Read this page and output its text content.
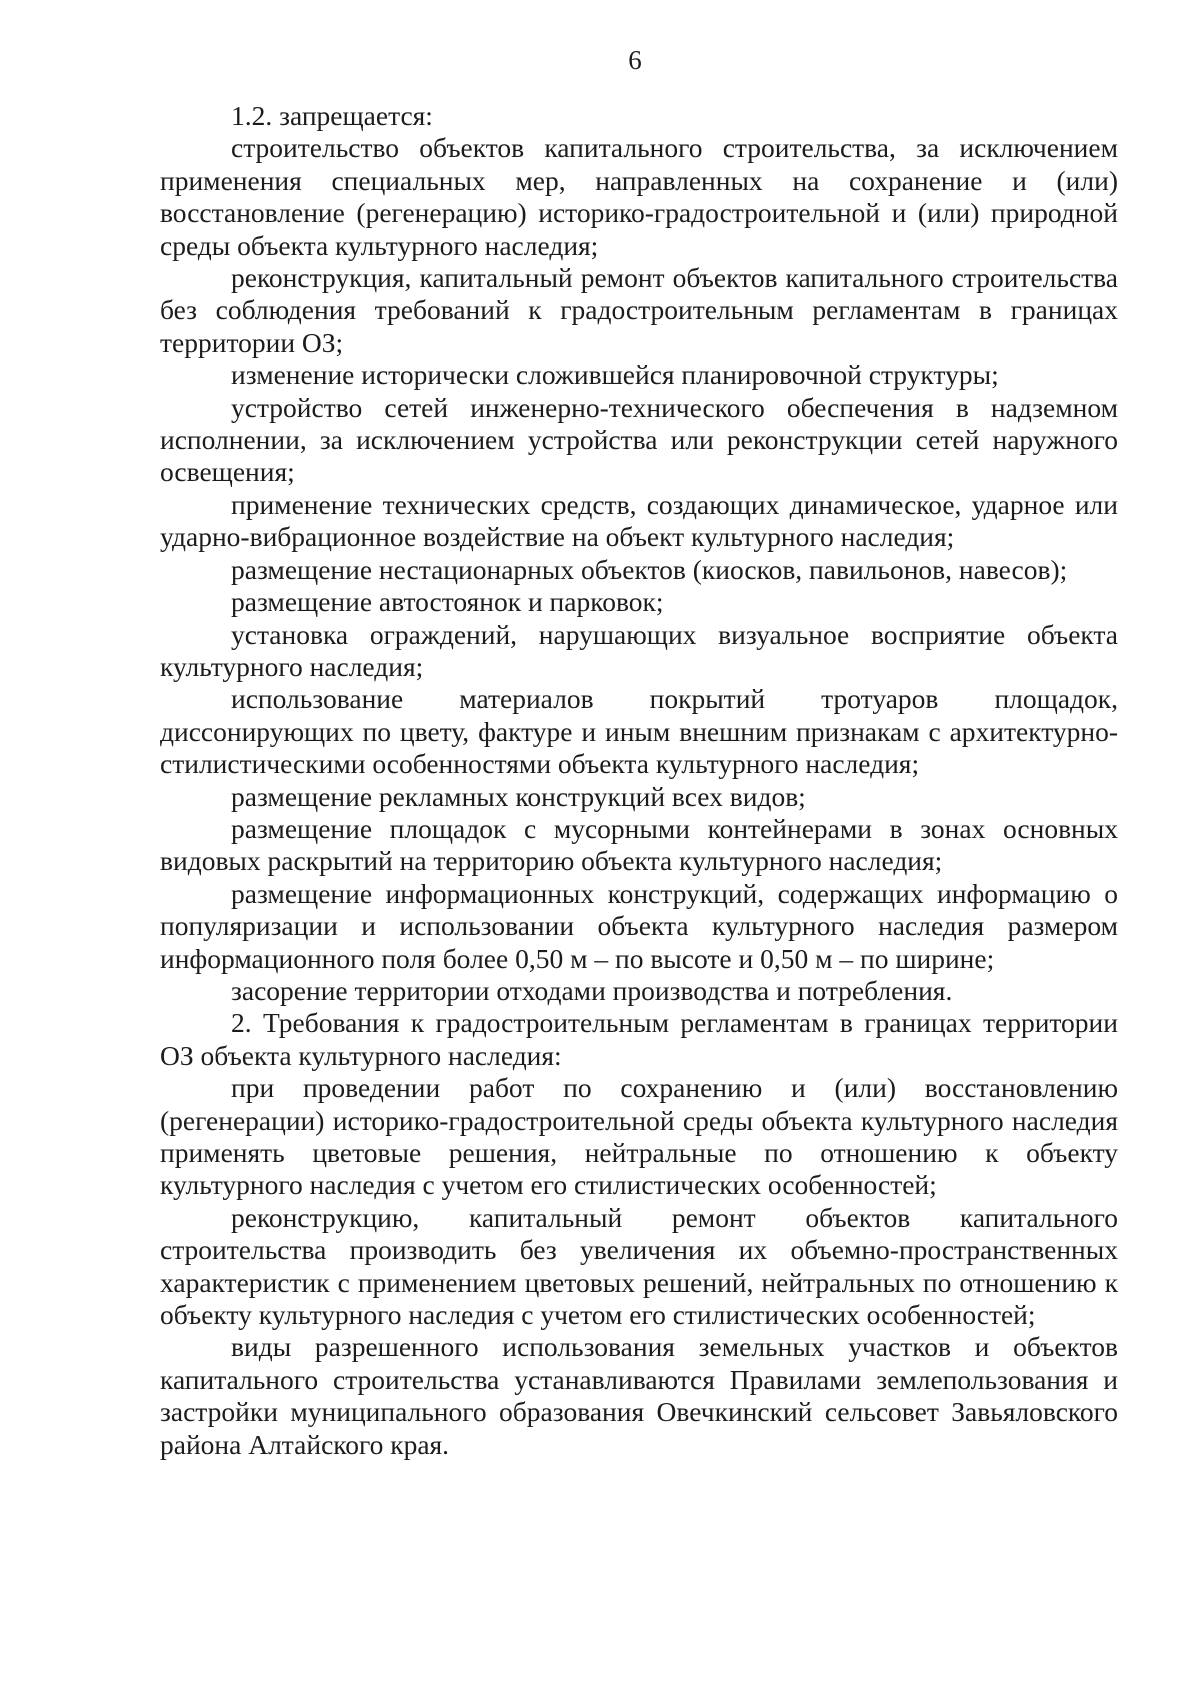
6

1.2. запрещается:

строительство объектов капитального строительства, за исключением применения специальных мер, направленных на сохранение и (или) восстановление (регенерацию) историко-градостроительной и (или) природной среды объекта культурного наследия;

реконструкция, капитальный ремонт объектов капитального строительства без соблюдения требований к градостроительным регламентам в границах территории ОЗ;

изменение исторически сложившейся планировочной структуры;

устройство сетей инженерно-технического обеспечения в надземном исполнении, за исключением устройства или реконструкции сетей наружного освещения;

применение технических средств, создающих динамическое, ударное или ударно-вибрационное воздействие на объект культурного наследия;

размещение нестационарных объектов (киосков, павильонов, навесов);

размещение автостоянок и парковок;

установка ограждений, нарушающих визуальное восприятие объекта культурного наследия;

использование материалов покрытий тротуаров площадок, диссонирующих по цвету, фактуре и иным внешним признакам с архитектурно-стилистическими особенностями объекта культурного наследия;

размещение рекламных конструкций всех видов;

размещение площадок с мусорными контейнерами в зонах основных видовых раскрытий на территорию объекта культурного наследия;

размещение информационных конструкций, содержащих информацию о популяризации и использовании объекта культурного наследия размером информационного поля более 0,50 м – по высоте и 0,50 м – по ширине;

засорение территории отходами производства и потребления.

2. Требования к градостроительным регламентам в границах территории ОЗ объекта культурного наследия:

при проведении работ по сохранению и (или) восстановлению (регенерации) историко-градостроительной среды объекта культурного наследия применять цветовые решения, нейтральные по отношению к объекту культурного наследия с учетом его стилистических особенностей;

реконструкцию, капитальный ремонт объектов капитального строительства производить без увеличения их объемно-пространственных характеристик с применением цветовых решений, нейтральных по отношению к объекту культурного наследия с учетом его стилистических особенностей;

виды разрешенного использования земельных участков и объектов капитального строительства устанавливаются Правилами землепользования и застройки муниципального образования Овечкинский сельсовет Завьяловского района Алтайского края.
